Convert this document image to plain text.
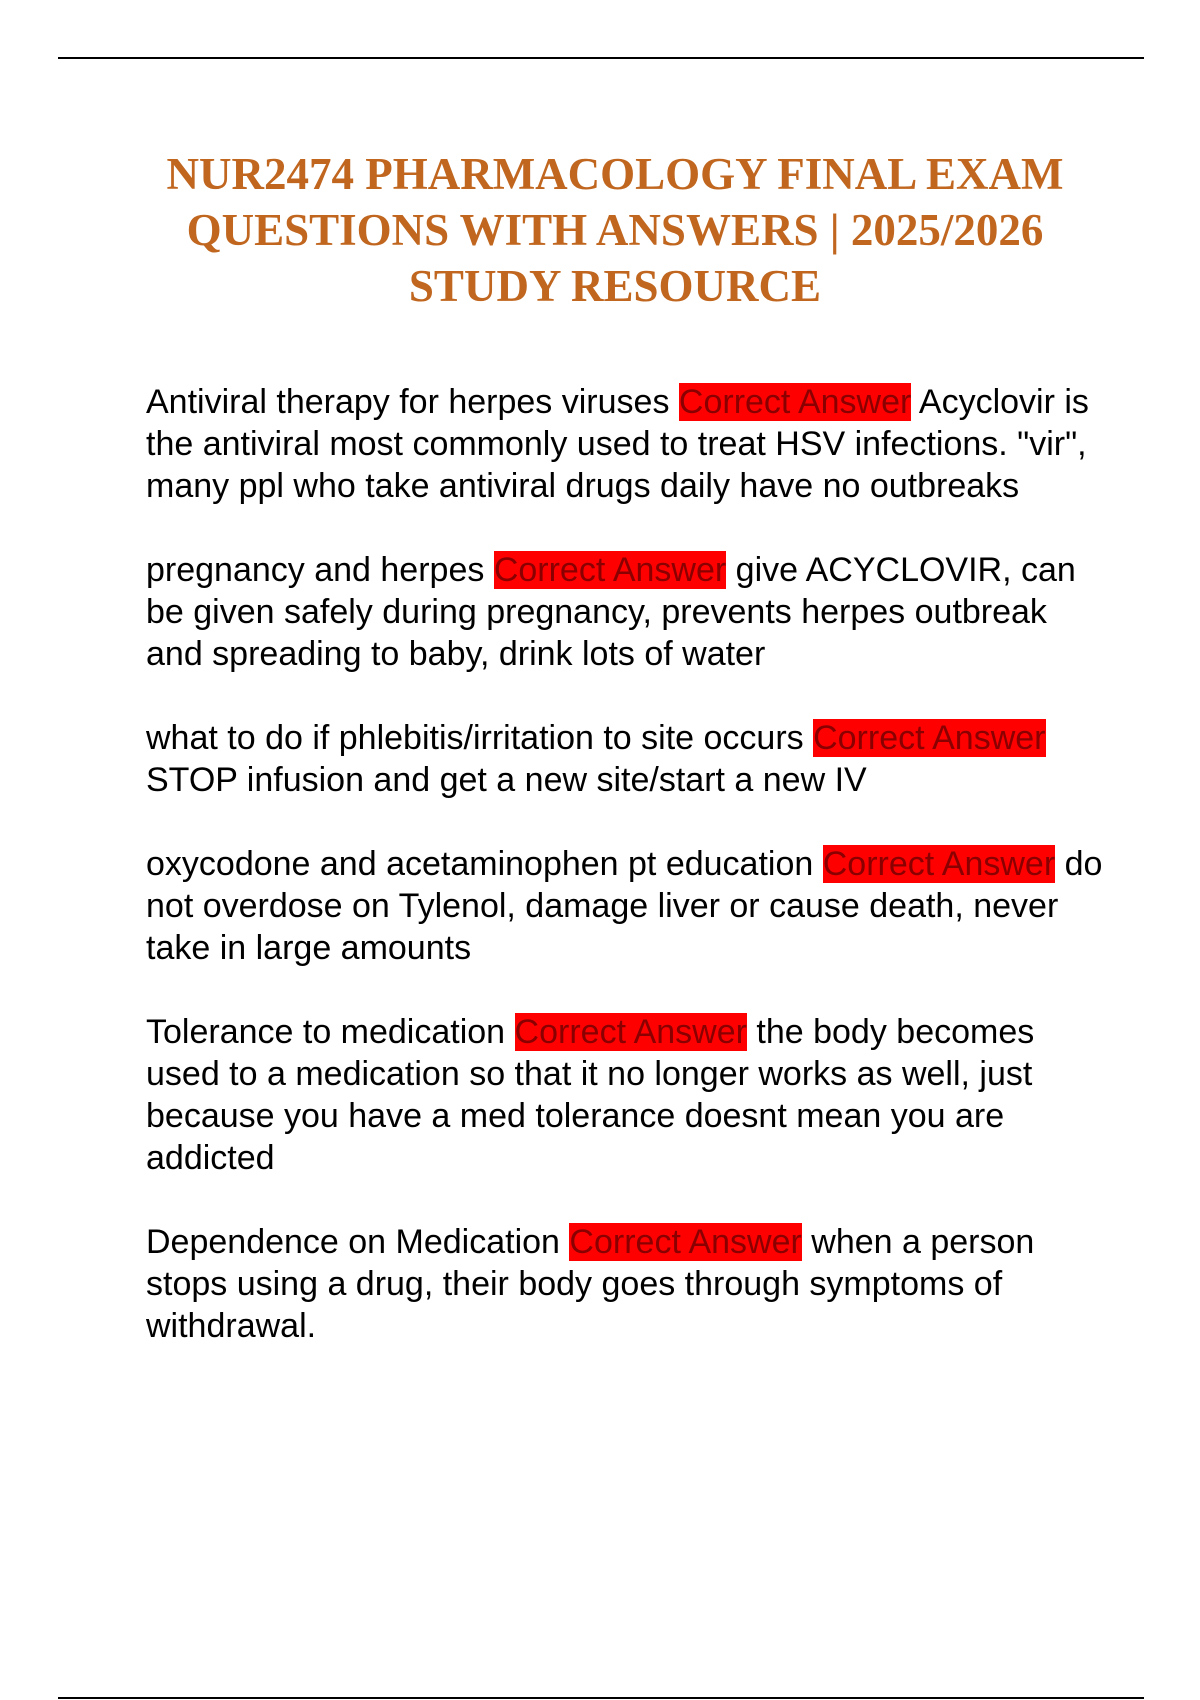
NUR2474 PHARMACOLOGY FINAL EXAM QUESTIONS WITH ANSWERS | 2025/2026 STUDY RESOURCE

Antiviral therapy for herpes viruses Correct Answer Acyclovir is the antiviral most commonly used to treat HSV infections. "vir", many ppl who take antiviral drugs daily have no outbreaks

pregnancy and herpes Correct Answer give ACYCLOVIR, can be given safely during pregnancy, prevents herpes outbreak and spreading to baby, drink lots of water

what to do if phlebitis/irritation to site occurs Correct Answer STOP infusion and get a new site/start a new IV

oxycodone and acetaminophen pt education Correct Answer do not overdose on Tylenol, damage liver or cause death, never take in large amounts

Tolerance to medication Correct Answer the body becomes used to a medication so that it no longer works as well, just because you have a med tolerance doesnt mean you are addicted

Dependence on Medication Correct Answer when a person stops using a drug, their body goes through symptoms of withdrawal.
